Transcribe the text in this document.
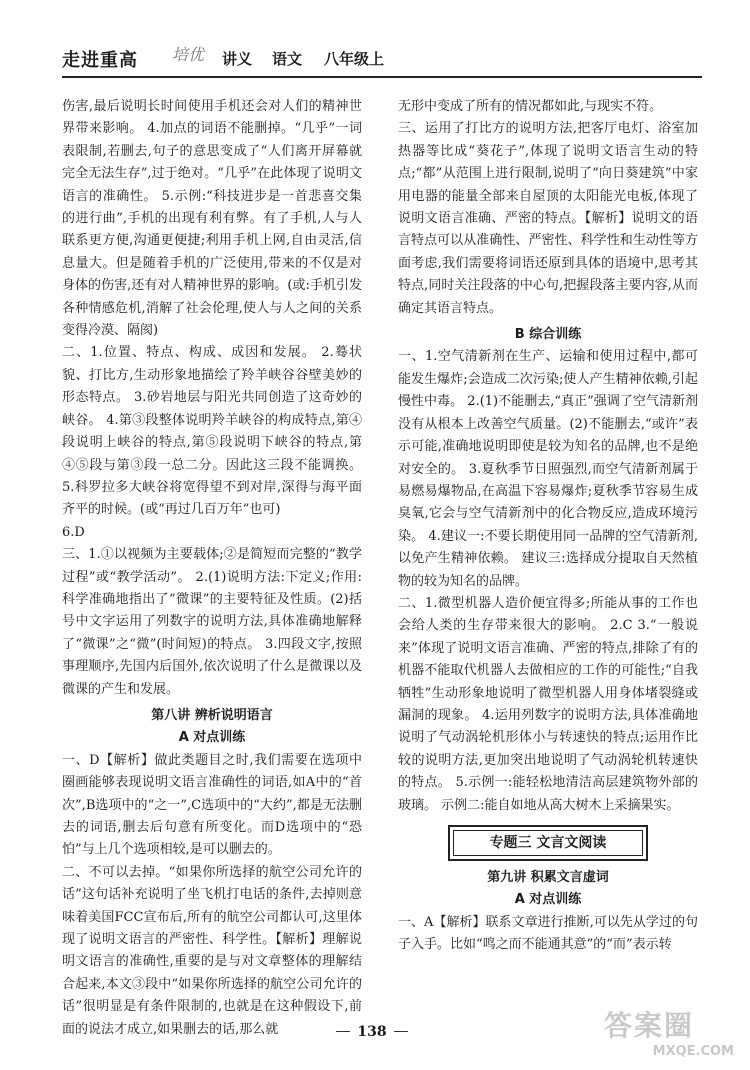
走进重高 培优 讲义 语文 八年级上

伤害,最后说明长时间使用手机还会对人们的精神世界带来影响。 4.加点的词语不能删掉。“几乎”一词表限制,若删去,句子的意思变成了“人们离开屏幕就完全无法生存”,过于绝对。“几乎”在此体现了说明文语言的准确性。 5.示例:“科技进步是一首悲喜交集的进行曲”,手机的出现有利有弊。有了手机,人与人联系更方便,沟通更便捷;利用手机上网,自由灵活,信息量大。但是随着手机的广泛使用,带来的不仅是对身体的伤害,还有对人精神世界的影响。(或:手机引发各种情感危机,消解了社会伦理,使人与人之间的关系变得冷漠、隔阂)

二、1.位置、特点、构成、成因和发展。 2.蓦状貌、打比方,生动形象地描绘了羚羊峡谷谷壁美妙的形态特点。 3.砂岩地层与阳光共同创造了这奇妙的峡谷。 4.第③段整体说明羚羊峡谷的构成特点,第④段说明上峡谷的特点,第⑤段说明下峡谷的特点,第④⑤段与第③段一总二分。因此这三段不能调换。 5.科罗拉多大峡谷将宽得望不到对岸,深得与海平面齐平的时候。(或“再过几百万年”也可)

6.D

三、1.①以视频为主要载体;②是简短而完整的“教学过程”或“教学活动”。 2.(1)说明方法:下定义;作用:科学准确地指出了“微课”的主要特征及性质。(2)括号中文字运用了列数字的说明方法,具体准确地解释了“微课”之“微”(时间短)的特点。 3.四段文字,按照事理顺序,先国内后国外,依次说明了什么是微课以及微课的产生和发展。

第八讲 辨析说明语言

A 对点训练

一、D【解析】做此类题目之时,我们需要在选项中圈画能够表现说明文语言准确性的词语,如A中的“首次”,B选项中的“之一”,C选项中的“大约”,都是无法删去的词语,删去后句意有所变化。而D选项中的“恐怕”与上几个选项相较,是可以删去的。

二、不可以去掉。“如果你所选择的航空公司允许的话”这句话补充说明了坐飞机打电话的条件,去掉则意味着美国FCC宣布后,所有的航空公司都认可,这里体现了说明文语言的严密性、科学性。【解析】理解说明文语言的准确性,重要的是与对文章整体的理解结合起来,本文③段中“如果你所选择的航空公司允许的话”很明显是有条件限制的,也就是在这种假设下,前面的说法才成立,如果删去的话,那么就

无形中变成了所有的情况都如此,与现实不符。

三、运用了打比方的说明方法,把客厅电灯、浴室加热器等比成“葵花子”,体现了说明文语言生动的特点;“都”从范围上进行限制,说明了“向日葵建筑”中家用电器的能量全部来自屋顶的太阳能光电板,体现了说明文语言准确、严密的特点。【解析】说明文的语言特点可以从准确性、严密性、科学性和生动性等方面考虑,我们需要将词语还原到具体的语境中,思考其特点,同时关注段落的中心句,把握段落主要内容,从而确定其语言特点。

B 综合训练

一、1.空气清新剂在生产、运输和使用过程中,都可能发生爆炸;会造成二次污染;使人产生精神依赖,引起慢性中毒。 2.(1)不能删去,“真正”强调了空气清新剂没有从根本上改善空气质量。(2)不能删去,“或许”表示可能,准确地说明即使是较为知名的品牌,也不是绝对安全的。 3.夏秋季节日照强烈,而空气清新剂属于易燃易爆物品,在高温下容易爆炸;夏秋季节容易生成臭氧,它会与空气清新剂中的化合物反应,造成环境污染。 4.建议一:不要长期使用同一品牌的空气清新剂,以免产生精神依赖。 建议三:选择成分提取自天然植物的较为知名的品牌。

二、1.微型机器人造价便宜得多;所能从事的工作也会给人类的生存带来很大的影响。 2.C 3.“一般说来”体现了说明文语言准确、严密的特点,排除了有的机器不能取代机器人去做相应的工作的可能性;“自我牺牲”生动形象地说明了微型机器人用身体堵裂缝或漏洞的现象。 4.运用列数字的说明方法,具体准确地说明了气动涡轮机形体小与转速快的特点;运用作比较的说明方法,更加突出地说明了气动涡轮机转速快的特点。 5.示例一:能轻松地清洁高层建筑物外部的玻璃。 示例二:能自如地从高大树木上采摘果实。

专题三 文言文阅读

第九讲 积累文言虚词

A 对点训练

一、A【解析】联系文章进行推断,可以先从学过的句子入手。比如“鸣之而不能通其意”的“而”表示转

138	答案圈
MXQE.COM
